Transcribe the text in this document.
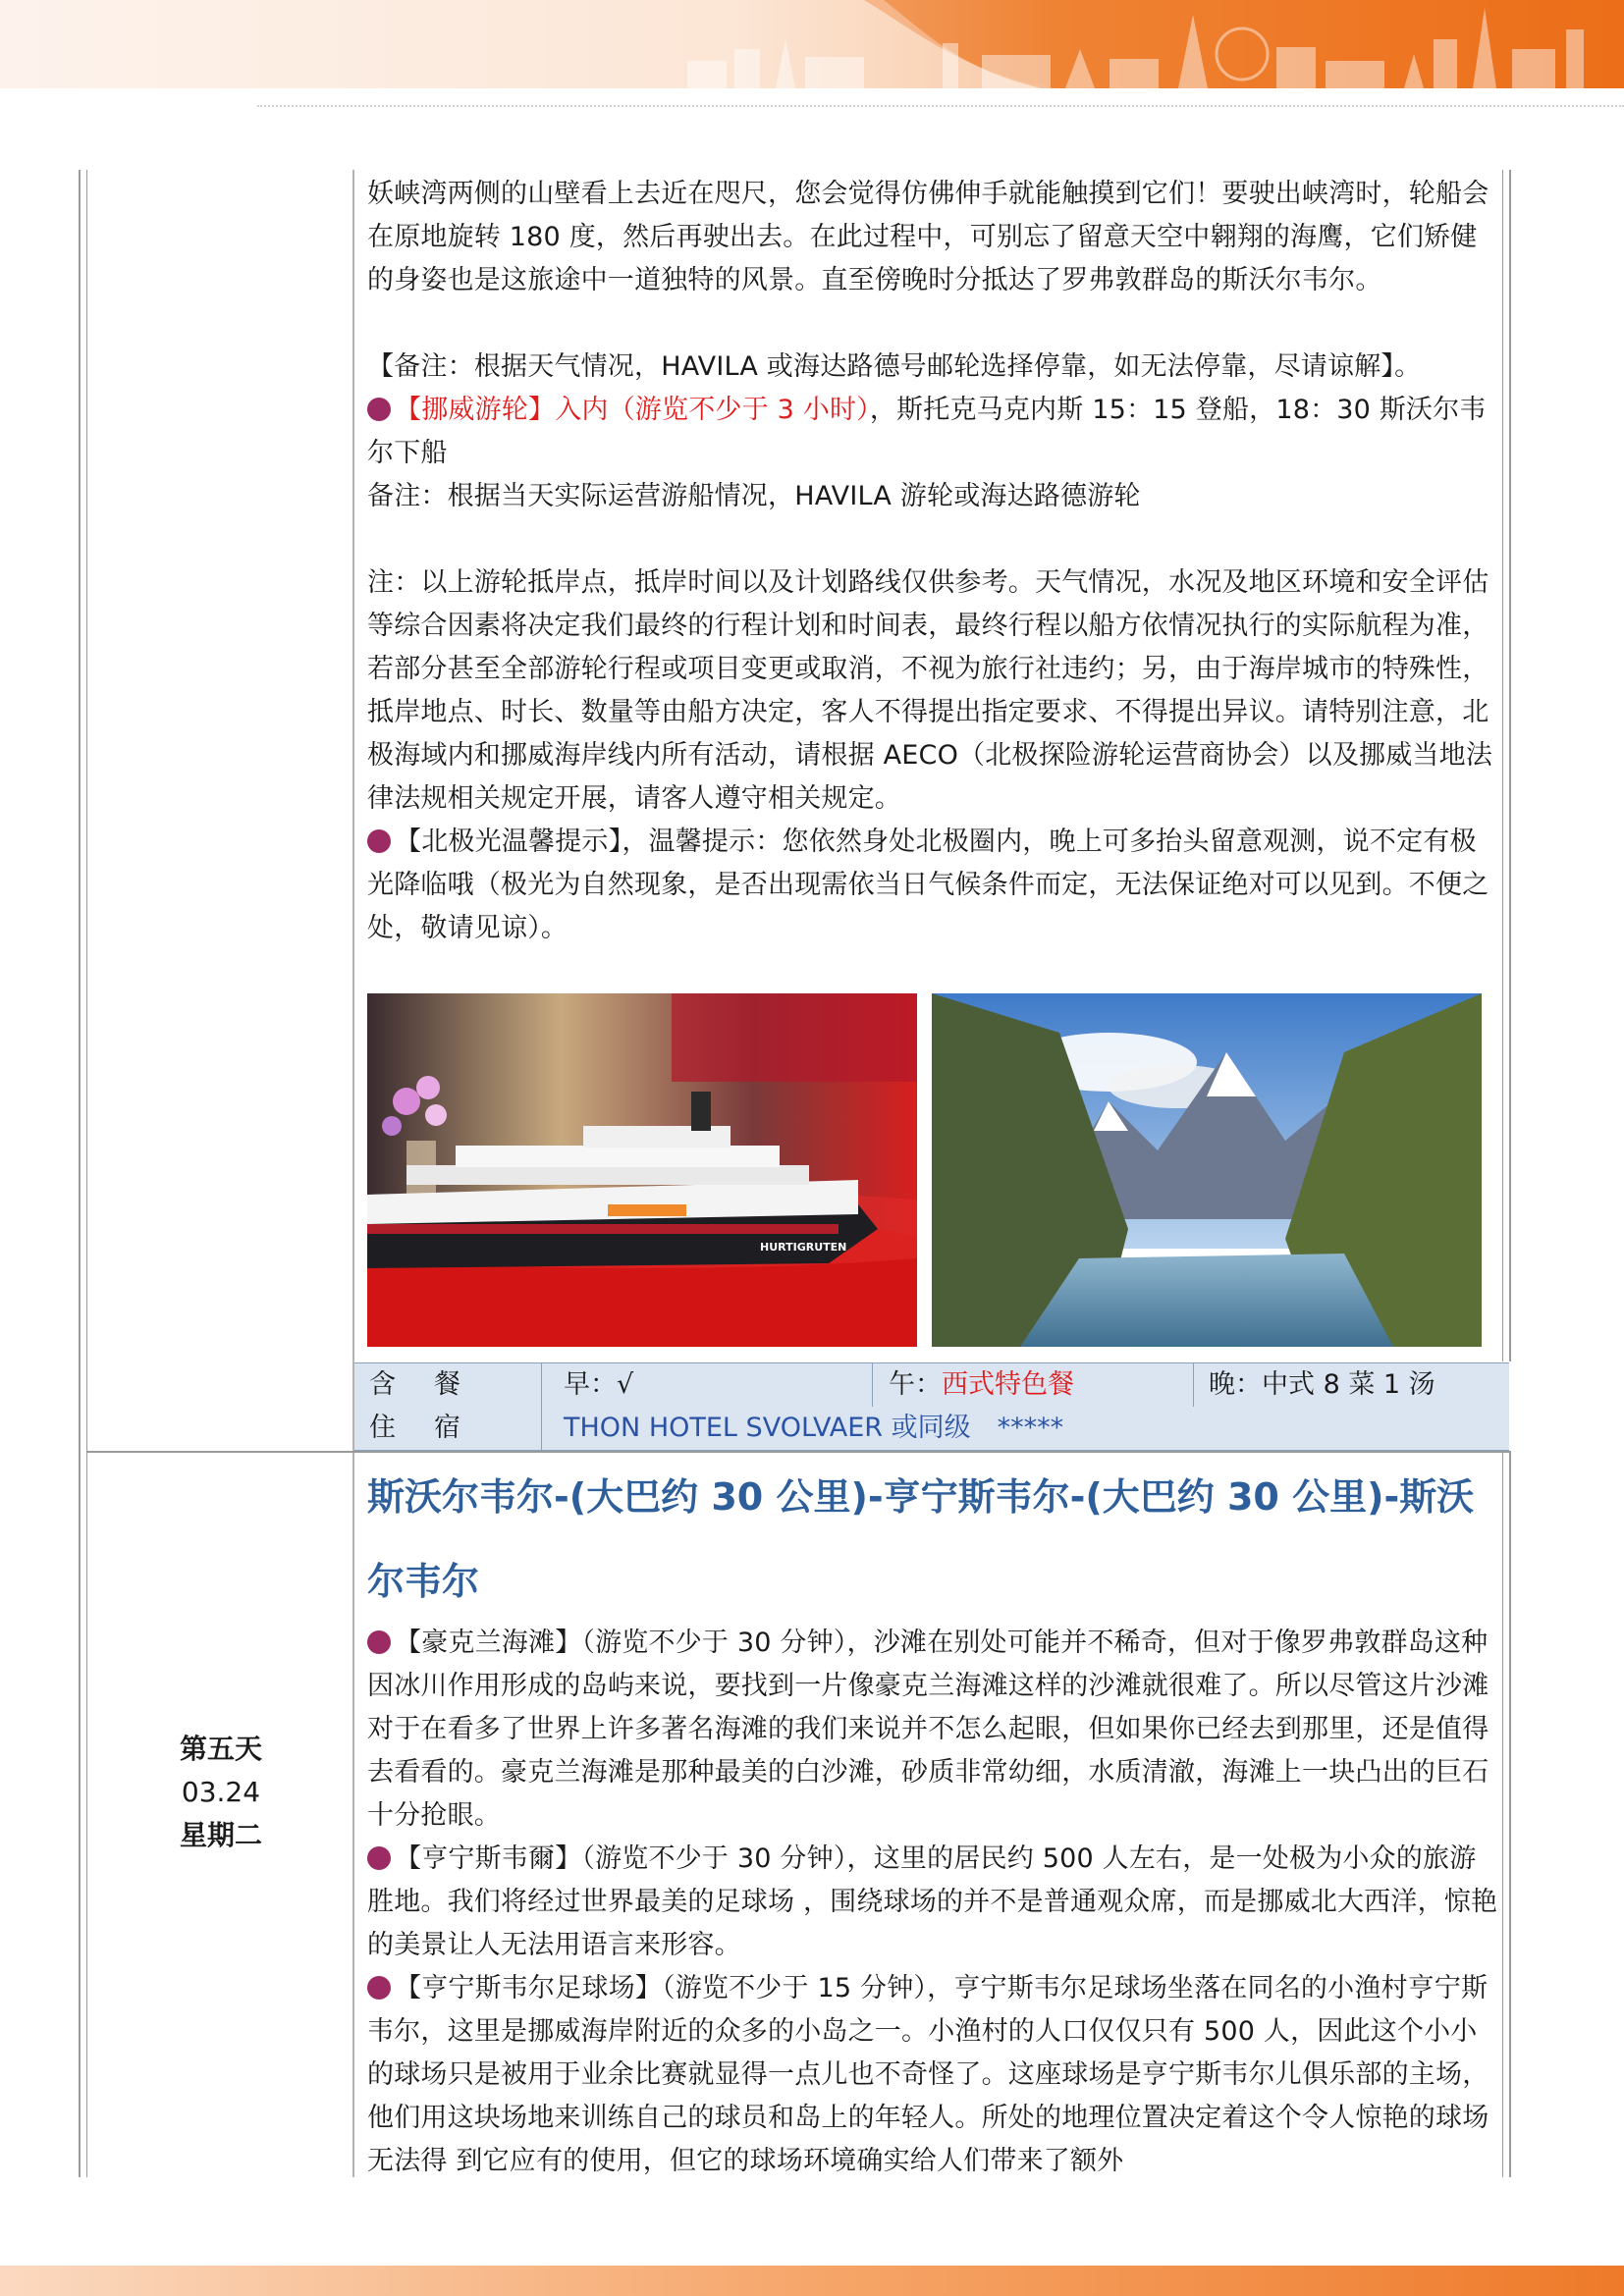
妖峡湾两侧的山壁看上去近在咫尺，您会觉得仿佛伸手就能触摸到它们！要驶出峡湾时，轮船会在原地旋转 180 度，然后再驶出去。在此过程中，可别忘了留意天空中翱翔的海鹰，它们矫健的身姿也是这旅途中一道独特的风景。直至傍晚时分抵达了罗弗敦群岛的斯沃尔韦尔。

【备注：根据天气情况，HAVILA 或海达路德号邮轮选择停靠，如无法停靠，尽请谅解】。

【挪威游轮】入内（游览不少于 3 小时），斯托克马克内斯 15：15 登船，18：30 斯沃尔韦尔下船

备注：根据当天实际运营游船情况，HAVILA 游轮或海达路德游轮

注：以上游轮抵岸点，抵岸时间以及计划路线仅供参考。天气情况，水况及地区环境和安全评估等综合因素将决定我们最终的行程计划和时间表，最终行程以船方依情况执行的实际航程为准，若部分甚至全部游轮行程或项目变更或取消，不视为旅行社违约；另，由于海岸城市的特殊性，抵岸地点、时长、数量等由船方决定，客人不得提出指定要求、不得提出异议。请特别注意，北极海域内和挪威海岸线内所有活动，请根据 AECO（北极探险游轮运营商协会）以及挪威当地法律法规相关规定开展，请客人遵守相关规定。

【北极光温馨提示】，温馨提示：您依然身处北极圈内，晚上可多抬头留意观测，说不定有极光降临哦（极光为自然现象，是否出现需依当日气候条件而定，无法保证绝对可以见到。不便之处，敬请见谅）。

HURTIGRUTEN
含　餐	早：√	午：西式特色餐	晚：中式 8 菜 1 汤
住　宿	THON HOTEL SVOLVAER 或同级　*****
第五天
03.24
星期二
斯沃尔韦尔-(大巴约 30 公里)-亨宁斯韦尔-(大巴约 30 公里)-斯沃尔韦尔

【豪克兰海滩】（游览不少于 30 分钟），沙滩在别处可能并不稀奇，但对于像罗弗敦群岛这种因冰川作用形成的岛屿来说，要找到一片像豪克兰海滩这样的沙滩就很难了。所以尽管这片沙滩对于在看多了世界上许多著名海滩的我们来说并不怎么起眼，但如果你已经去到那里，还是值得去看看的。豪克兰海滩是那种最美的白沙滩，砂质非常幼细，水质清澈，海滩上一块凸出的巨石十分抢眼。

【亨宁斯韦爾】（游览不少于 30 分钟），这里的居民约 500 人左右，是一处极为小众的旅游胜地。我们将经过世界最美的足球场 ，围绕球场的并不是普通观众席，而是挪威北大西洋，惊艳的美景让人无法用语言来形容。

【亨宁斯韦尔足球场】（游览不少于 15 分钟），亨宁斯韦尔足球场坐落在同名的小渔村亨宁斯韦尔，这里是挪威海岸附近的众多的小岛之一。小渔村的人口仅仅只有 500 人，因此这个小小的球场只是被用于业余比赛就显得一点儿也不奇怪了。这座球场是亨宁斯韦尔儿俱乐部的主场，他们用这块场地来训练自己的球员和岛上的年轻人。所处的地理位置决定着这个令人惊艳的球场无法得 到它应有的使用，但它的球场环境确实给人们带来了额外
